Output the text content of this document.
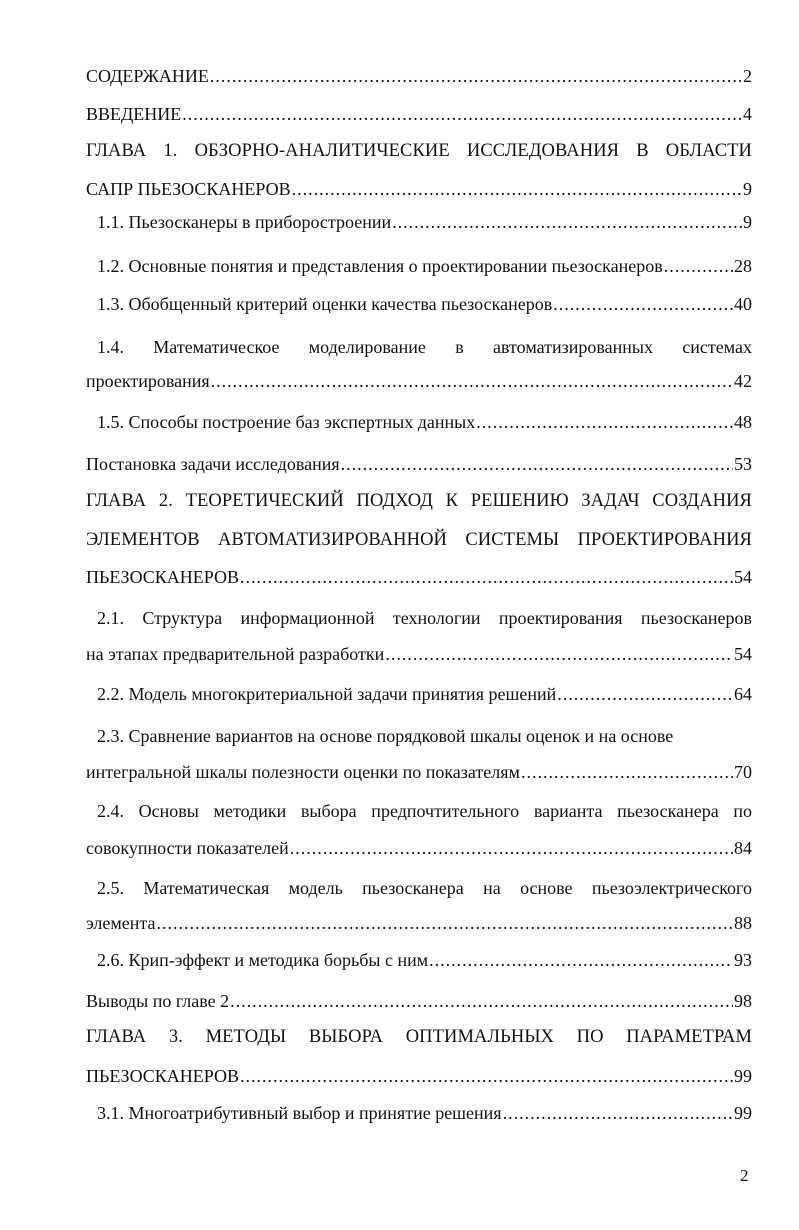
СОДЕРЖАНИЕ .....	2
ВВЕДЕНИЕ .....	4
ГЛАВА 1. ОБЗОРНО-АНАЛИТИЧЕСКИЕ ИССЛЕДОВАНИЯ В ОБЛАСТИ
САПР ПЬЕЗОСКАНЕРОВ .....	9
1.1. Пьезосканеры в приборостроении .....	9
1.2. Основные понятия и представления о проектировании пьезосканеров .....	28
1.3. Обобщенный критерий оценки качества пьезосканеров .....	40
1.4. Математическое моделирование в автоматизированных системах
проектирования .....	42
1.5. Способы построение баз экспертных данных .....	48
Постановка задачи исследования .....	53
ГЛАВА 2. ТЕОРЕТИЧЕСКИЙ ПОДХОД К РЕШЕНИЮ ЗАДАЧ СОЗДАНИЯ
ЭЛЕМЕНТОВ АВТОМАТИЗИРОВАННОЙ СИСТЕМЫ ПРОЕКТИРОВАНИЯ
ПЬЕЗОСКАНЕРОВ .....	54
2.1. Структура информационной технологии проектирования пьезосканеров
на этапах предварительной разработки .....	54
2.2. Модель многокритериальной задачи принятия решений .....	64
2.3. Сравнение вариантов на основе порядковой шкалы оценок и на основе
интегральной шкалы полезности оценки по показателям .....	70
2.4. Основы методики выбора предпочтительного варианта пьезосканера по
совокупности показателей .....	84
2.5. Математическая модель пьезосканера на основе пьезоэлектрического
элемента .....	88
2.6. Крип-эффект и методика борьбы с ним .....	93
Выводы по главе 2 .....	98
ГЛАВА 3. МЕТОДЫ ВЫБОРА ОПТИМАЛЬНЫХ ПО ПАРАМЕТРАМ
ПЬЕЗОСКАНЕРОВ .....	99
3.1. Многоатрибутивный выбор и принятие решения .....	99
2
